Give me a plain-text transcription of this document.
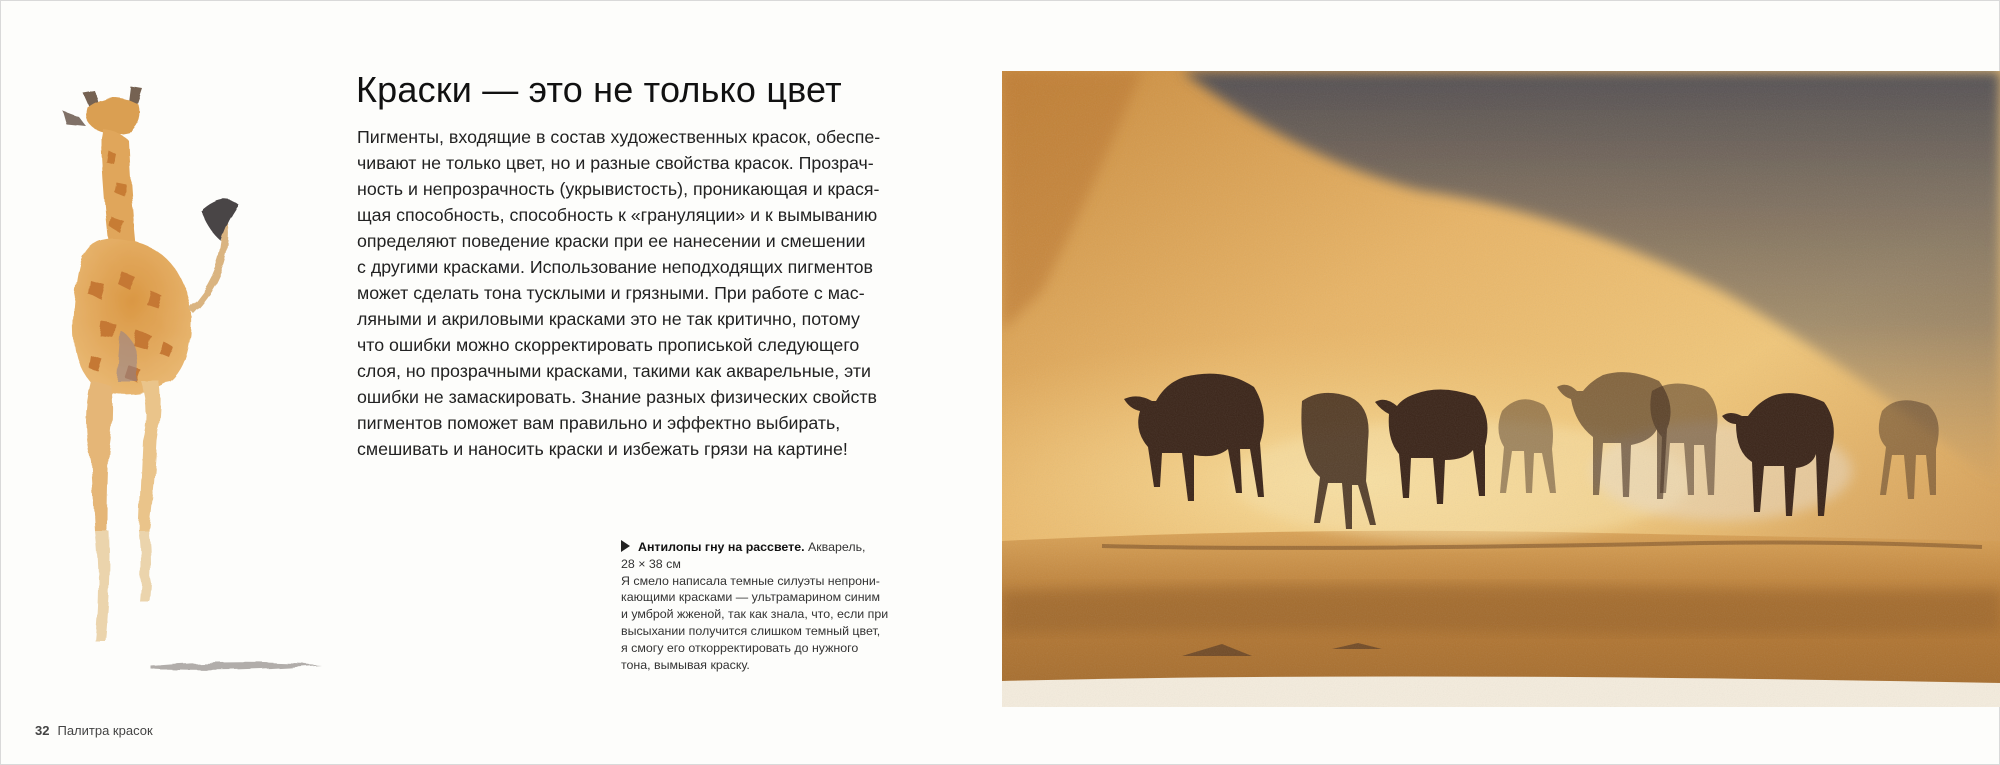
Краски — это не только цвет
Пигменты, входящие в состав художественных красок, обеспе-
чивают не только цвет, но и разные свойства красок. Прозрач-
ность и непрозрачность (укрывистость), проникающая и крася-
щая способность, способность к «грануляции» и к вымыванию
определяют поведение краски при ее нанесении и смешении
с другими красками. Использование неподходящих пигментов
может сделать тона тусклыми и грязными. При работе с мас-
ляными и акриловыми красками это не так критично, потому
что ошибки можно скорректировать прописькой следующего
слоя, но прозрачными красками, такими как акварельные, эти
ошибки не замаскировать. Знание разных физических свойств
пигментов поможет вам правильно и эффектно выбирать,
смешивать и наносить краски и избежать грязи на картине!
Антилопы гну на рассвете. Акварель,
28 × 38 см
Я смело написала темные силуэты непрони-
кающими красками — ультрамарином синим
и умброй жженой, так как знала, что, если при
высыхании получится слишком темный цвет,
я смогу его откорректировать до нужного
тона, вымывая краску.
32 Палитра красок
